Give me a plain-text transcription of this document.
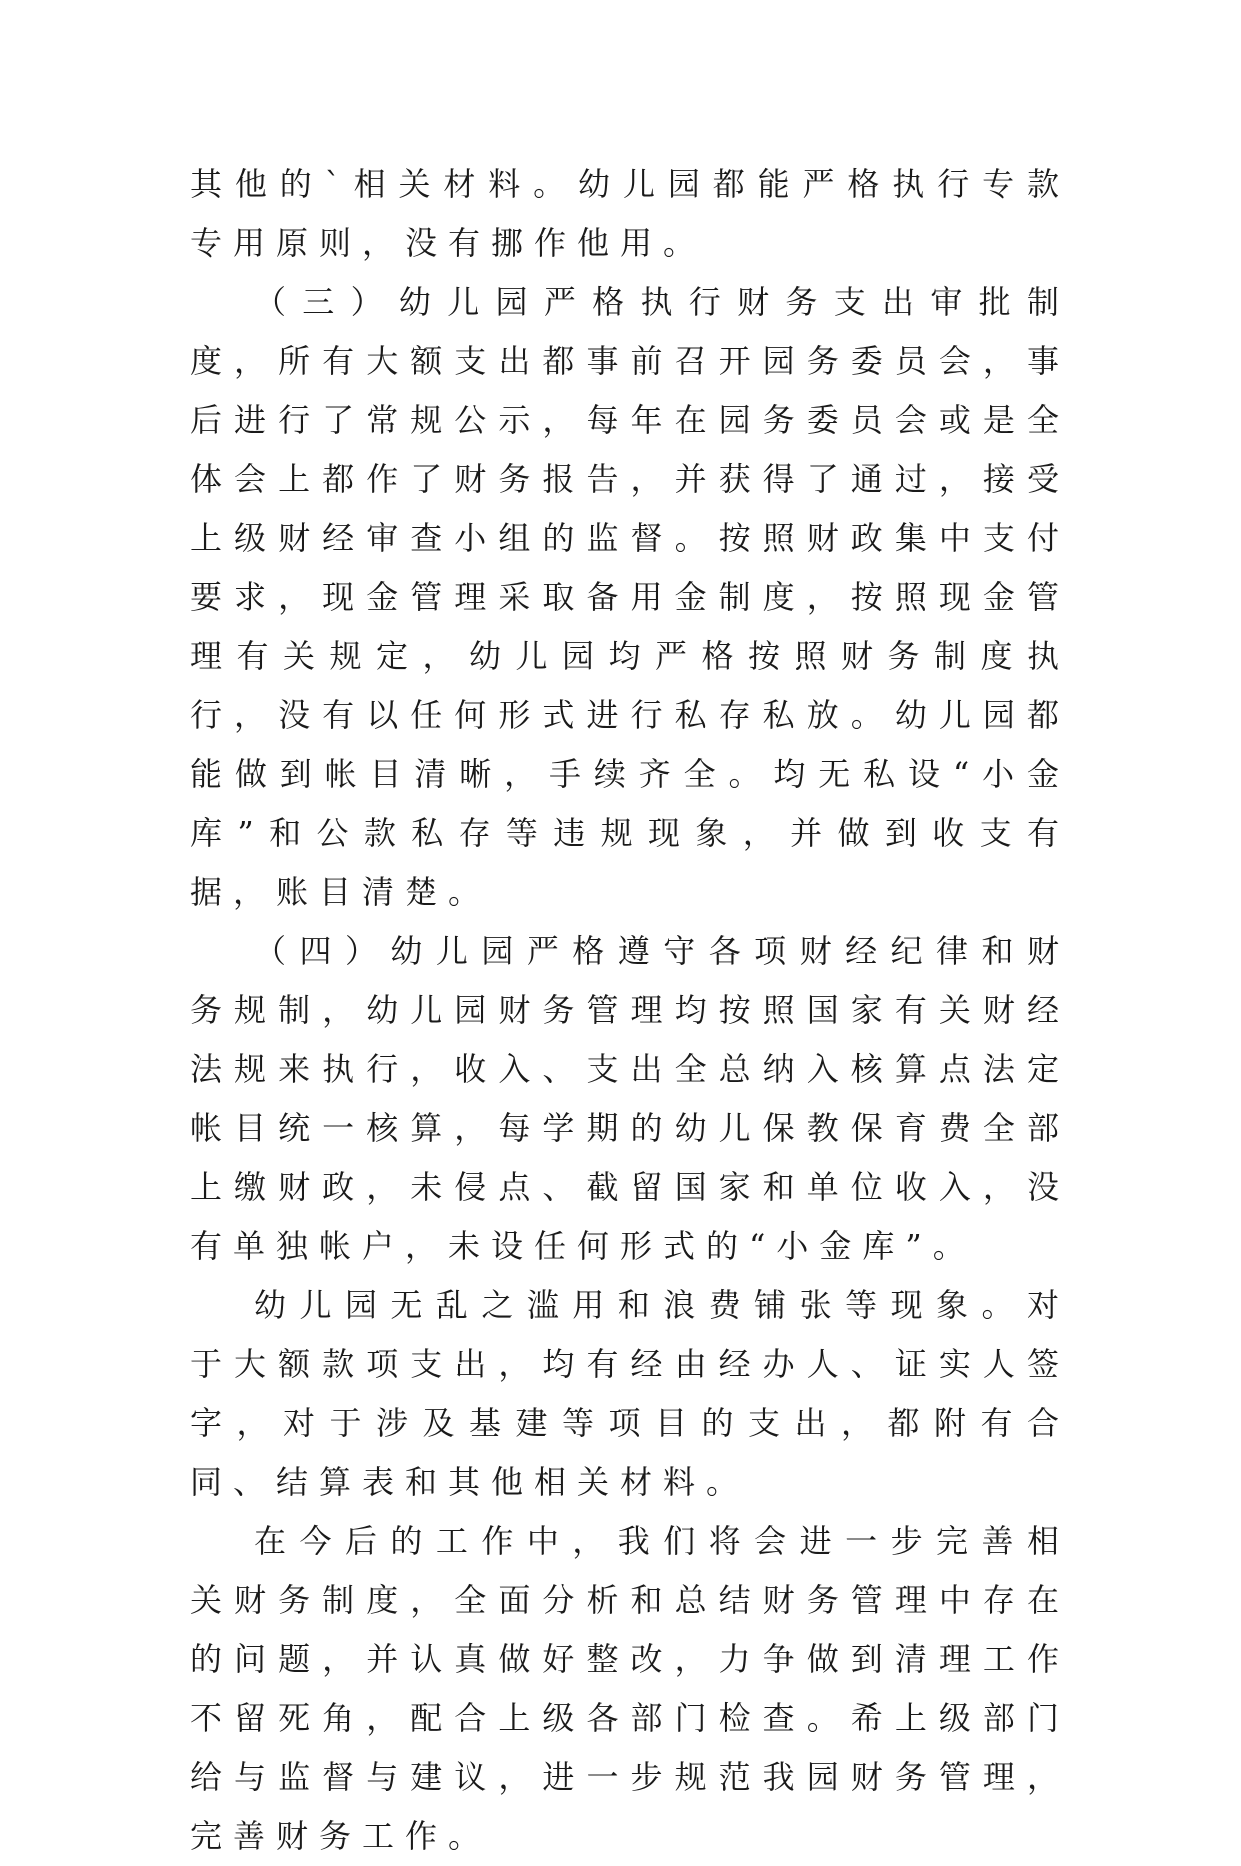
其他的`相关材料。幼儿园都能严格执行专款专用原则，没有挪作他用。

（三）幼儿园严格执行财务支出审批制度，所有大额支出都事前召开园务委员会，事后进行了常规公示，每年在园务委员会或是全体会上都作了财务报告，并获得了通过，接受上级财经审查小组的监督。按照财政集中支付要求，现金管理采取备用金制度，按照现金管理有关规定，幼儿园均严格按照财务制度执行，没有以任何形式进行私存私放。幼儿园都能做到帐目清晰，手续齐全。均无私设“小金库”和公款私存等违规现象，并做到收支有据，账目清楚。

（四）幼儿园严格遵守各项财经纪律和财务规制，幼儿园财务管理均按照国家有关财经法规来执行，收入、支出全总纳入核算点法定帐目统一核算，每学期的幼儿保教保育费全部上缴财政，未侵点、截留国家和单位收入，没有单独帐户，未设任何形式的“小金库”。

幼儿园无乱之滥用和浪费铺张等现象。对于大额款项支出，均有经由经办人、证实人签字，对于涉及基建等项目的支出，都附有合同、结算表和其他相关材料。

在今后的工作中，我们将会进一步完善相关财务制度，全面分析和总结财务管理中存在的问题，并认真做好整改，力争做到清理工作不留死角，配合上级各部门检查。希上级部门给与监督与建议，进一步规范我园财务管理，完善财务工作。
